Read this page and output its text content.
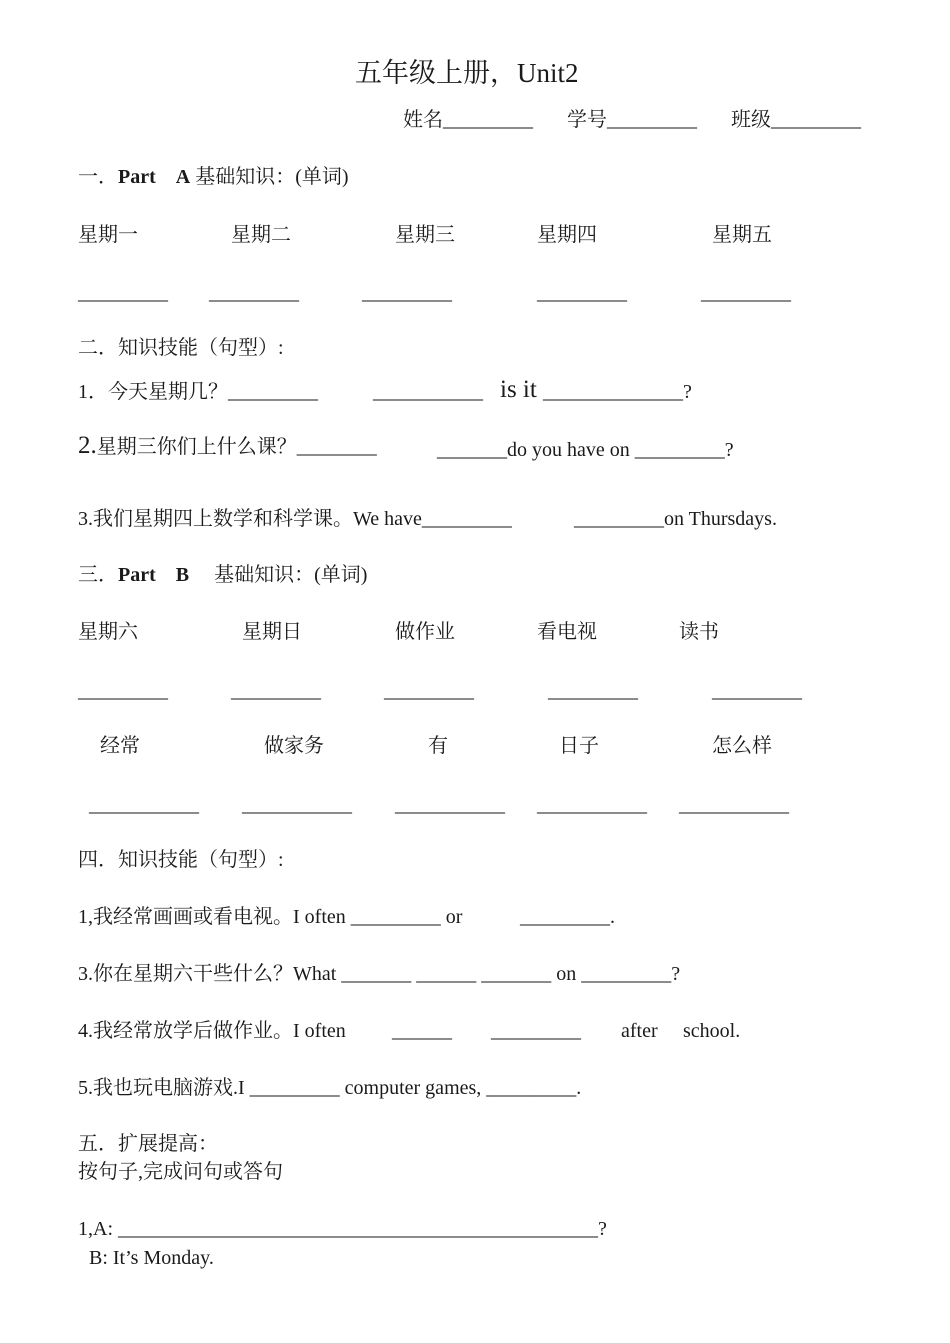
五年级上册，Unit2
姓名_________ 学号_________ 班级_________
一．Part　A 基础知识：(单词)
星期一	星期二	星期三	星期四	星期五
_________ _________	_________	_________	_________
二．知识技能（句型）:
1．今天星期几？_________	___________ is it ______________?
2.星期三你们上什么课？________	_______do you have on _________?
3.我们星期四上数学和科学课。We have_________	_________on Thursdays.
三．Part　B　 基础知识：(单词)
星期六	星期日	做作业	看电视	读书
_________	_________	_________	_________	_________
经常	做家务	有	日子	怎么样
___________ ___________ ___________ ___________ ___________
四．知识技能（句型）:
1,我经常画画或看电视。I often _________ or	_________.
3.你在星期六干些什么？What _______ ______ _______ on _________?
4.我经常放学后做作业。I often ______ _________ after school.
5.我也玩电脑游戏.I _________ computer games, _________.
五．扩展提高：
按句子,完成问句或答句
1,A: ________________________________________________?
B: It’s Monday.
